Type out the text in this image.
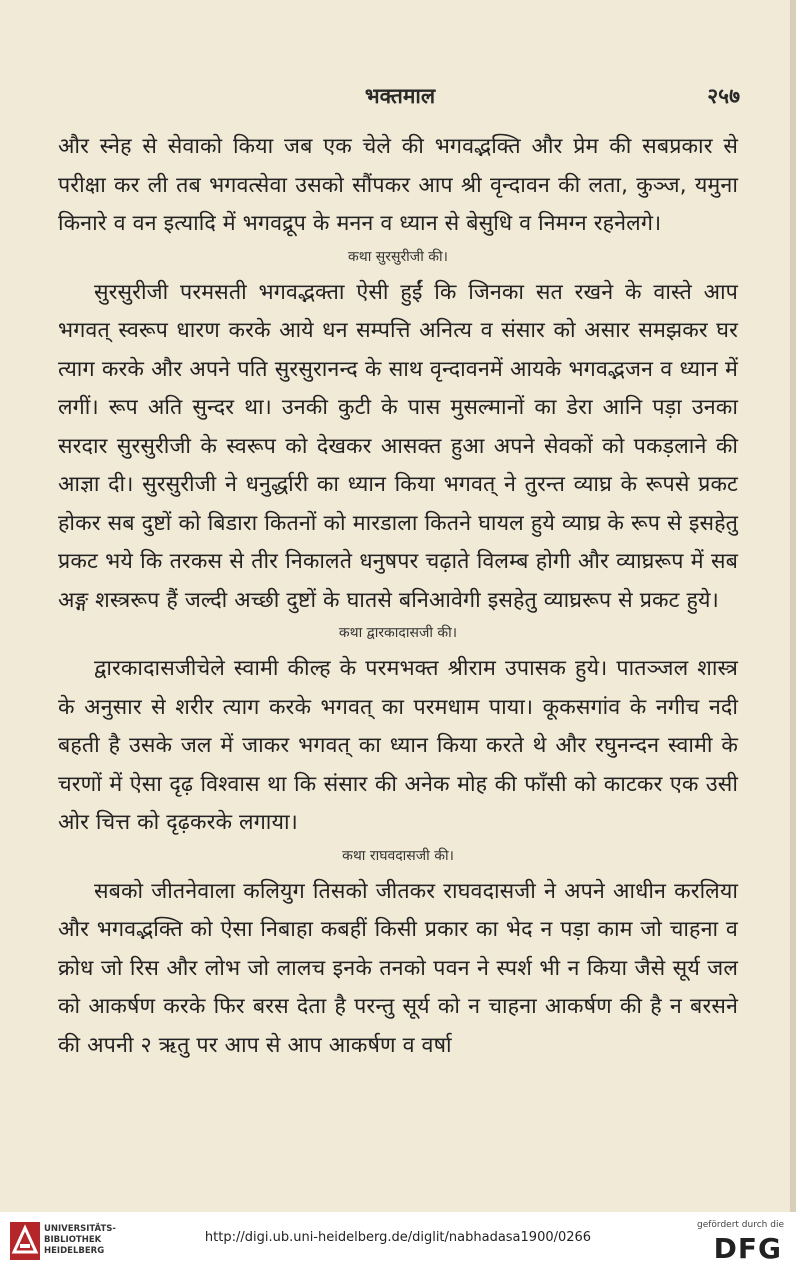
भक्तमाल	२५७

और स्नेह से सेवाको किया जब एक चेले की भगवद्भक्ति और प्रेम की सबप्रकार से परीक्षा कर ली तब भगवत्सेवा उसको सौंपकर आप श्री वृन्दावन की लता, कुञ्ज, यमुना किनारे व वन इत्यादि में भगवद्रूप के मनन व ध्यान से बेसुधि व निमग्न रहनेलगे।

कथा सुरसुरीजी की।

सुरसुरीजी परमसती भगवद्भक्ता ऐसी हुईं कि जिनका सत रखने के वास्ते आप भगवत् स्वरूप धारण करके आये धन सम्पत्ति अनित्य व संसार को असार समझकर घर त्याग करके और अपने पति सुरसुरानन्द के साथ वृन्दावनमें आयके भगवद्भजन व ध्यान में लगीं। रूप अति सुन्दर था। उनकी कुटी के पास मुसल्मानों का डेरा आनि पड़ा उनका सरदार सुरसुरीजी के स्वरूप को देखकर आसक्त हुआ अपने सेवकों को पकड़लाने की आज्ञा दी। सुरसुरीजी ने धनुर्द्धारी का ध्यान किया भगवत् ने तुरन्त व्याघ्र के रूपसे प्रकट होकर सब दुष्टों को बिडारा कितनों को मारडाला कितने घायल हुये व्याघ्र के रूप से इसहेतु प्रकट भये कि तरकस से तीर निकालते धनुषपर चढ़ाते विलम्ब होगी और व्याघ्ररूप में सब अङ्ग शस्त्ररूप हैं जल्दी अच्छी दुष्टों के घातसे बनिआवेगी इसहेतु व्याघ्ररूप से प्रकट हुये।

कथा द्वारकादासजी की।

द्वारकादासजीचेले स्वामी कील्ह के परमभक्त श्रीराम उपासक हुये। पातञ्जल शास्त्र के अनुसार से शरीर त्याग करके भगवत् का परमधाम पाया। कूकसगांव के नगीच नदी बहती है उसके जल में जाकर भगवत् का ध्यान किया करते थे और रघुनन्दन स्वामी के चरणों में ऐसा दृढ़ विश्वास था कि संसार की अनेक मोह की फाँसी को काटकर एक उसी ओर चित्त को दृढ़करके लगाया।

कथा राघवदासजी की।

सबको जीतनेवाला कलियुग तिसको जीतकर राघवदासजी ने अपने आधीन करलिया और भगवद्भक्ति को ऐसा निबाहा कबहीं किसी प्रकार का भेद न पड़ा काम जो चाहना व क्रोध जो रिस और लोभ जो लालच इनके तनको पवन ने स्पर्श भी न किया जैसे सूर्य जल को आकर्षण करके फिर बरस देता है परन्तु सूर्य को न चाहना आकर्षण की है न बरसने की अपनी २ ऋतु पर आप से आप आकर्षण व वर्षा

UNIVERSITÄTS-
BIBLIOTHEK
HEIDELBERG
http://digi.ub.uni-heidelberg.de/diglit/nabhadasa1900/0266
gefördert durch die
DFG
